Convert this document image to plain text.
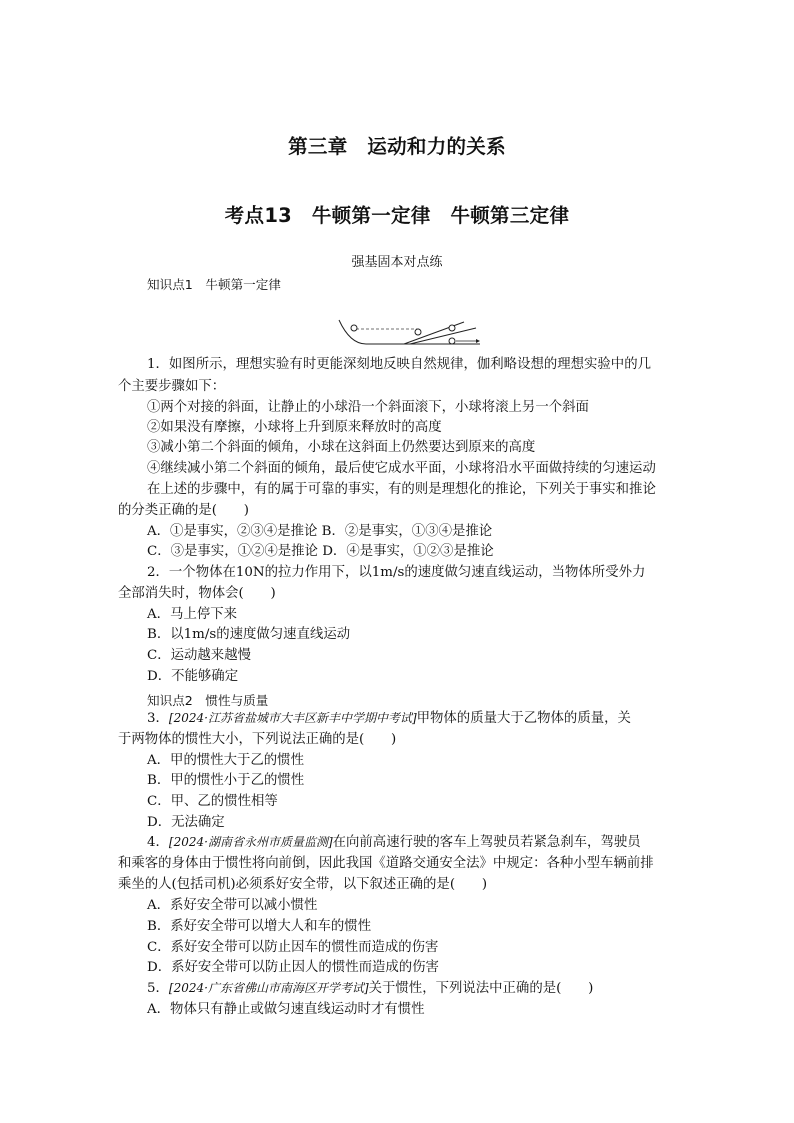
第三章　运动和力的关系
考点13　牛顿第一定律　牛顿第三定律
强基固本对点练
知识点1　牛顿第一定律
1．如图所示，理想实验有时更能深刻地反映自然规律，伽利略设想的理想实验中的几
个主要步骤如下：
①两个对接的斜面，让静止的小球沿一个斜面滚下，小球将滚上另一个斜面
②如果没有摩擦，小球将上升到原来释放时的高度
③减小第二个斜面的倾角，小球在这斜面上仍然要达到原来的高度
④继续减小第二个斜面的倾角，最后使它成水平面，小球将沿水平面做持续的匀速运动
在上述的步骤中，有的属于可靠的事实，有的则是理想化的推论，下列关于事实和推论
的分类正确的是(　　)
A．①是事实，②③④是推论 B．②是事实，①③④是推论
C．③是事实，①②④是推论 D．④是事实，①②③是推论
2．一个物体在10N的拉力作用下，以1m/s的速度做匀速直线运动，当物体所受外力
全部消失时，物体会(　　)
A．马上停下来
B．以1m/s的速度做匀速直线运动
C．运动越来越慢
D．不能够确定
知识点2　惯性与质量
3．[2024·江苏省盐城市大丰区新丰中学期中考试]甲物体的质量大于乙物体的质量，关
于两物体的惯性大小，下列说法正确的是(　　)
A．甲的惯性大于乙的惯性
B．甲的惯性小于乙的惯性
C．甲、乙的惯性相等
D．无法确定
4．[2024·湖南省永州市质量监测]在向前高速行驶的客车上驾驶员若紧急刹车，驾驶员
和乘客的身体由于惯性将向前倒，因此我国《道路交通安全法》中规定：各种小型车辆前排
乘坐的人(包括司机)必须系好安全带，以下叙述正确的是(　　)
A．系好安全带可以减小惯性
B．系好安全带可以增大人和车的惯性
C．系好安全带可以防止因车的惯性而造成的伤害
D．系好安全带可以防止因人的惯性而造成的伤害
5．[2024·广东省佛山市南海区开学考试]关于惯性，下列说法中正确的是(　　)
A．物体只有静止或做匀速直线运动时才有惯性
